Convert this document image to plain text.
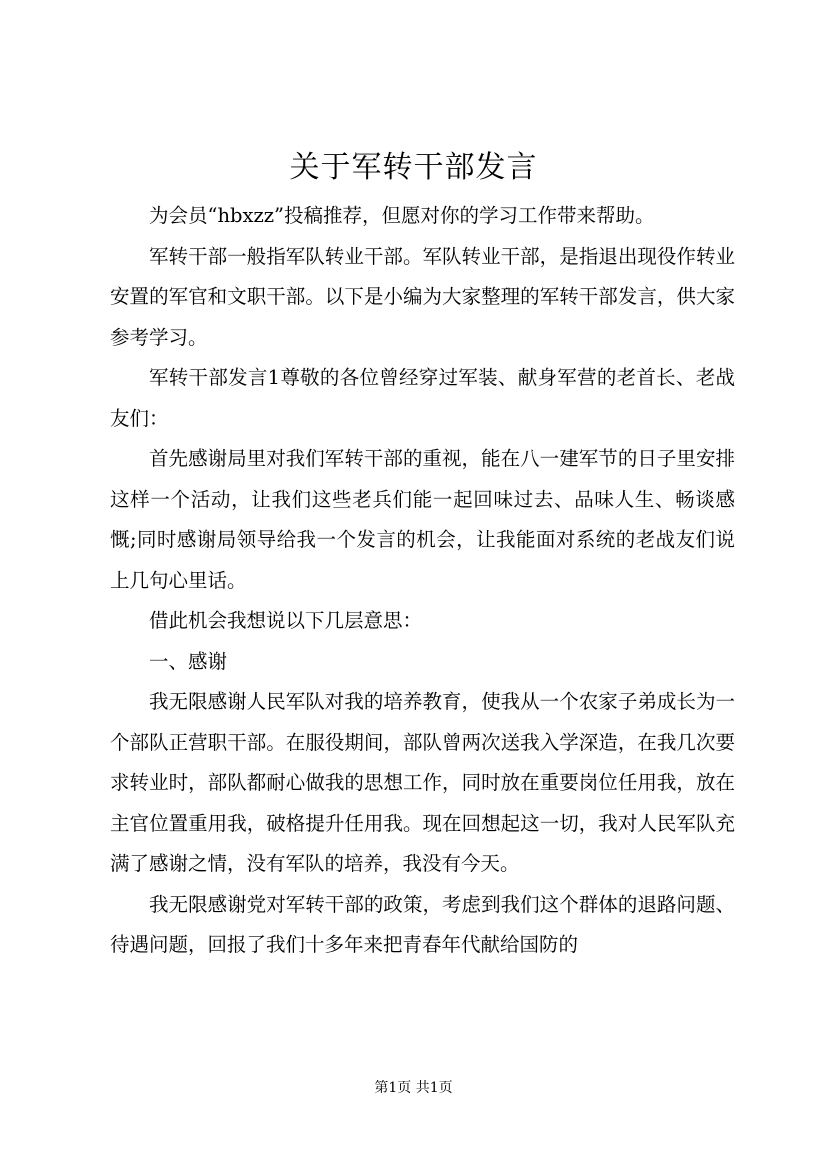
关于军转干部发言

为会员“hbxzz”投稿推荐，但愿对你的学习工作带来帮助。

军转干部一般指军队转业干部。军队转业干部，是指退出现役作转业安置的军官和文职干部。以下是小编为大家整理的军转干部发言，供大家参考学习。

军转干部发言1尊敬的各位曾经穿过军装、献身军营的老首长、老战友们：

首先感谢局里对我们军转干部的重视，能在八一建军节的日子里安排这样一个活动，让我们这些老兵们能一起回味过去、品味人生、畅谈感慨;同时感谢局领导给我一个发言的机会，让我能面对系统的老战友们说上几句心里话。

借此机会我想说以下几层意思：

一、感谢

我无限感谢人民军队对我的培养教育，使我从一个农家子弟成长为一个部队正营职干部。在服役期间，部队曾两次送我入学深造，在我几次要求转业时，部队都耐心做我的思想工作，同时放在重要岗位任用我，放在主官位置重用我，破格提升任用我。现在回想起这一切，我对人民军队充满了感谢之情，没有军队的培养，我没有今天。

我无限感谢党对军转干部的政策，考虑到我们这个群体的退路问题、待遇问题，回报了我们十多年来把青春年代献给国防的

第1页 共1页
